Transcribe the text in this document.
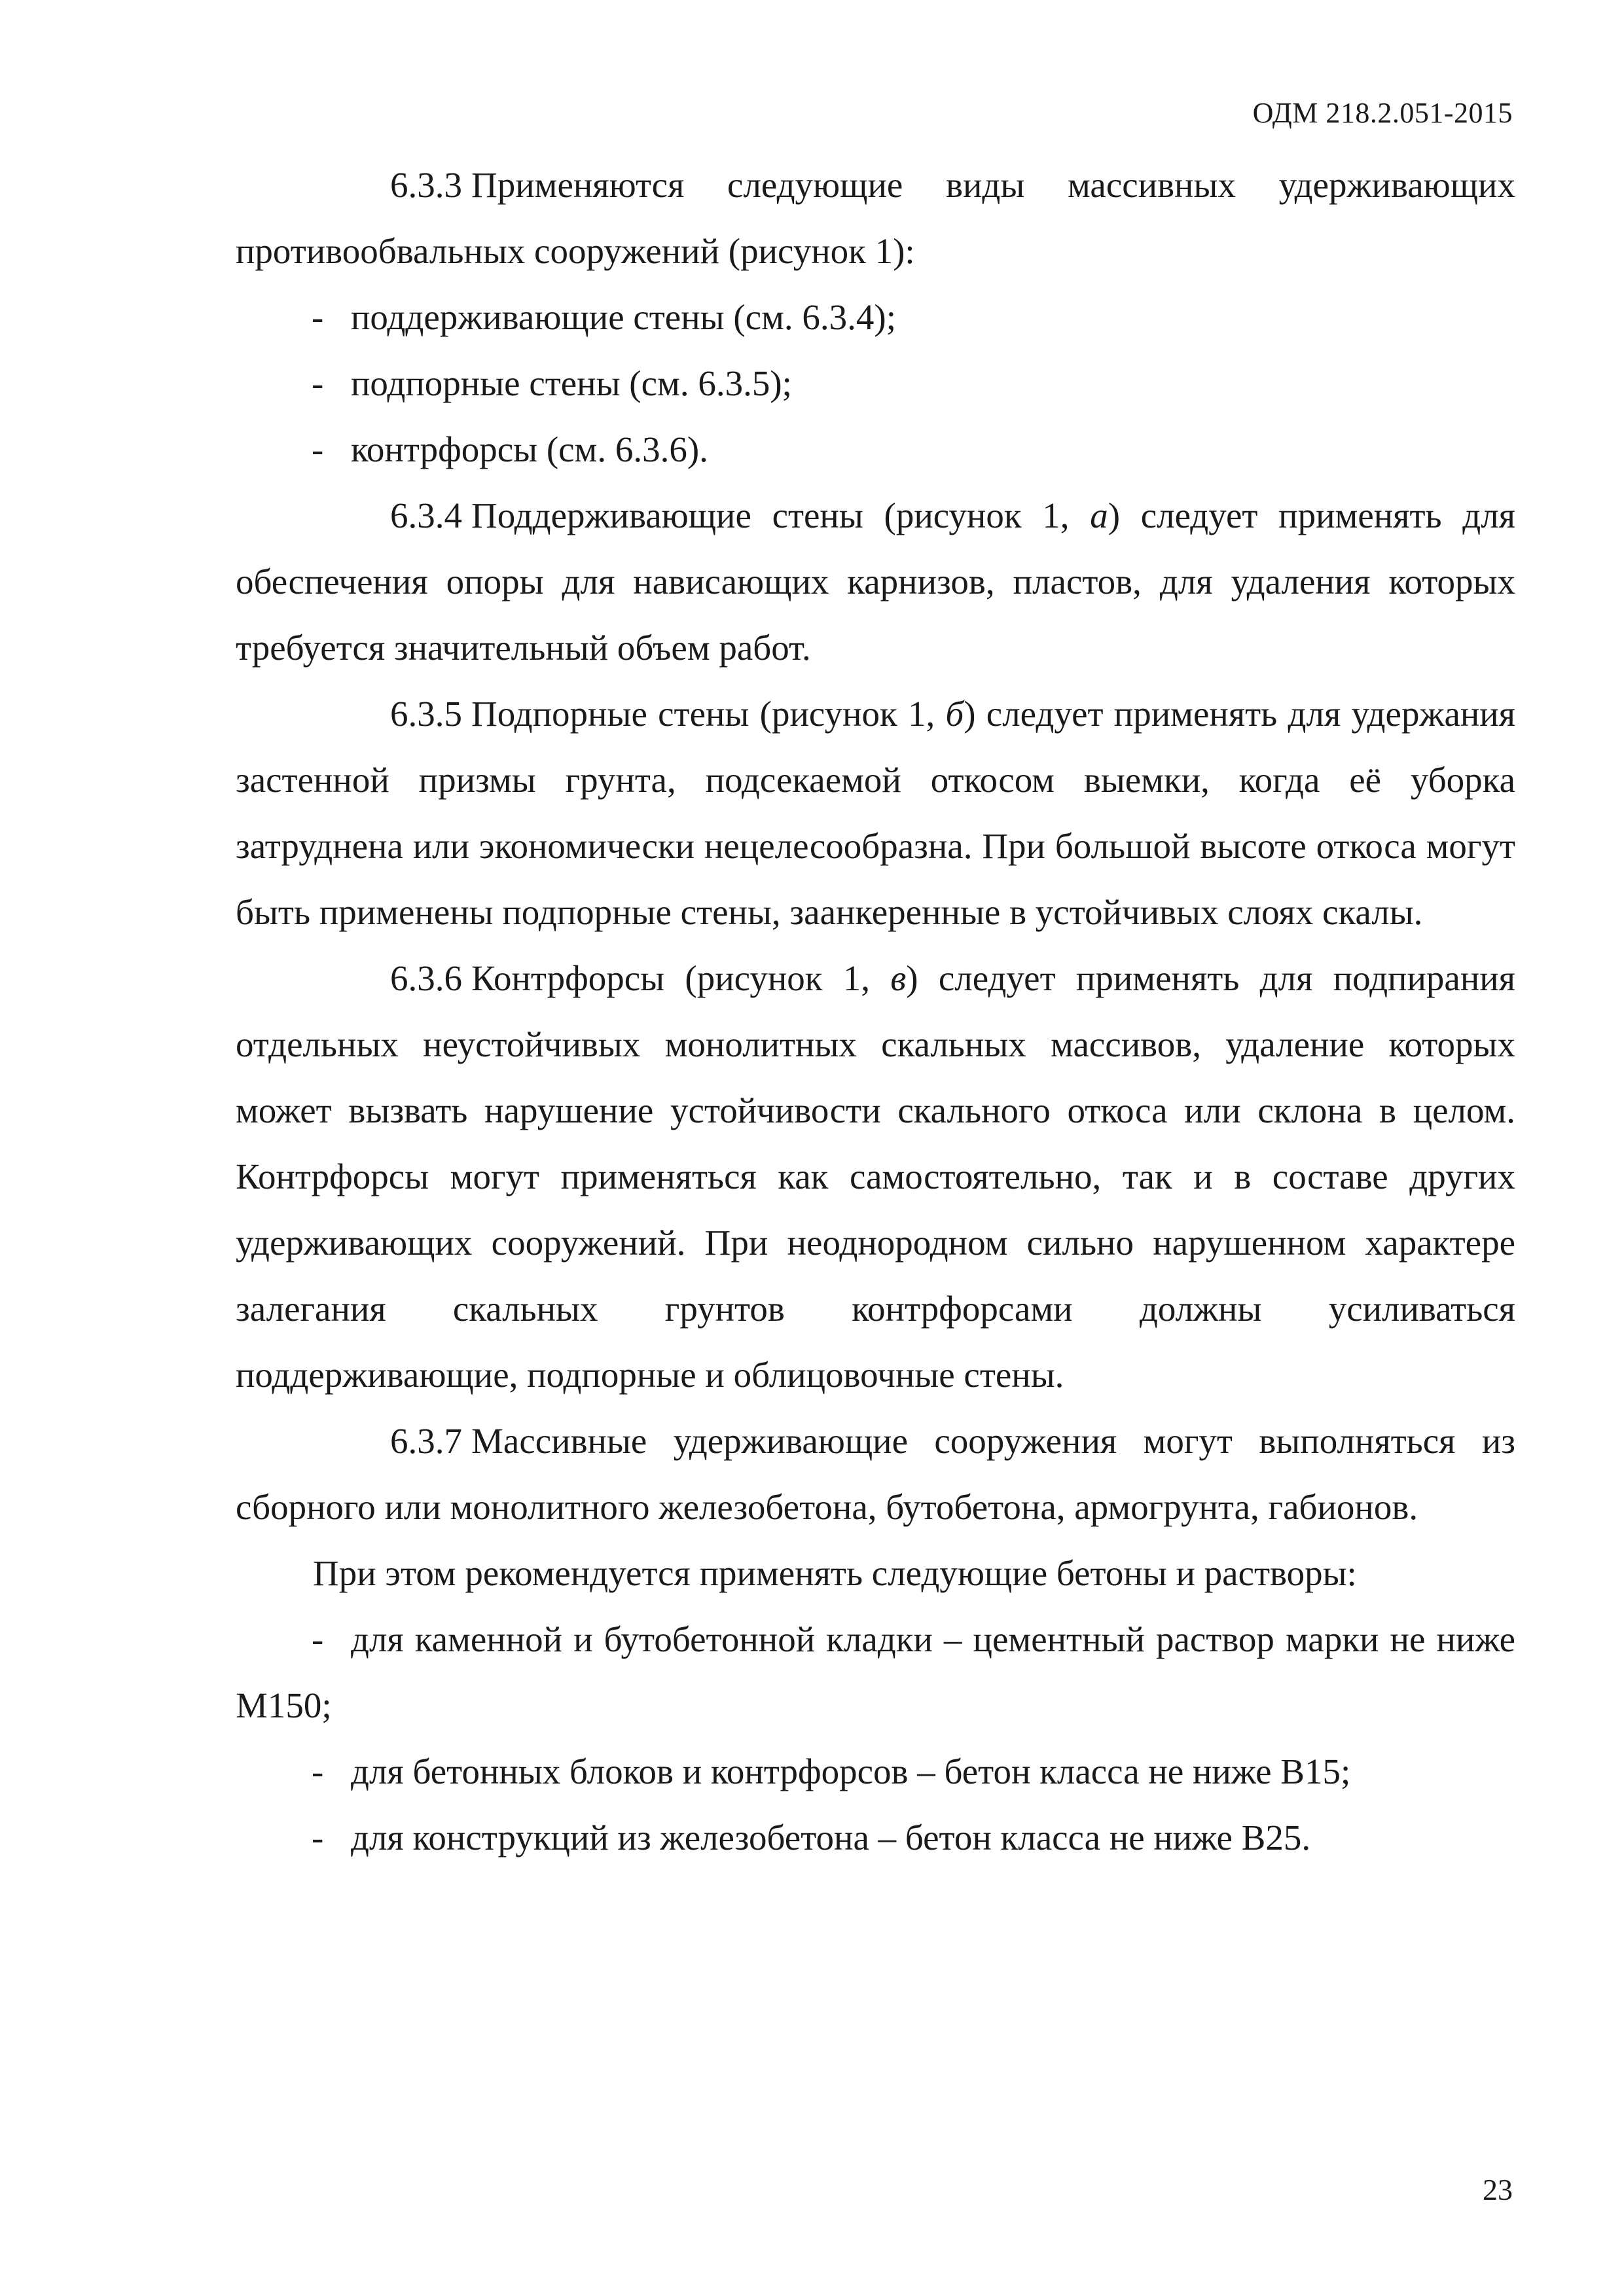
ОДМ 218.2.051-2015

6.3.3 Применяются следующие виды массивных удерживающих противообвальных сооружений (рисунок 1):

- поддерживающие стены (см. 6.3.4);

- подпорные стены (см. 6.3.5);

- контрфорсы (см. 6.3.6).

6.3.4 Поддерживающие стены (рисунок 1, а) следует применять для обеспечения опоры для нависающих карнизов, пластов, для удаления которых требуется значительный объем работ.

6.3.5 Подпорные стены (рисунок 1, б) следует применять для удержания застенной призмы грунта, подсекаемой откосом выемки, когда её уборка затруднена или экономически нецелесообразна. При большой высоте откоса могут быть применены подпорные стены, заанкеренные в устойчивых слоях скалы.

6.3.6 Контрфорсы (рисунок 1, в) следует применять для подпирания отдельных неустойчивых монолитных скальных массивов, удаление которых может вызвать нарушение устойчивости скального откоса или склона в целом. Контрфорсы могут применяться как самостоятельно, так и в составе других удерживающих сооружений. При неоднородном сильно нарушенном характере залегания скальных грунтов контрфорсами должны усиливаться поддерживающие, подпорные и облицовочные стены.

6.3.7 Массивные удерживающие сооружения могут выполняться из сборного или монолитного железобетона, бутобетона, армогрунта, габионов.

При этом рекомендуется применять следующие бетоны и растворы:

- для каменной и бутобетонной кладки – цементный раствор марки не ниже М150;

- для бетонных блоков и контрфорсов – бетон класса не ниже В15;

- для конструкций из железобетона – бетон класса не ниже В25.

23
